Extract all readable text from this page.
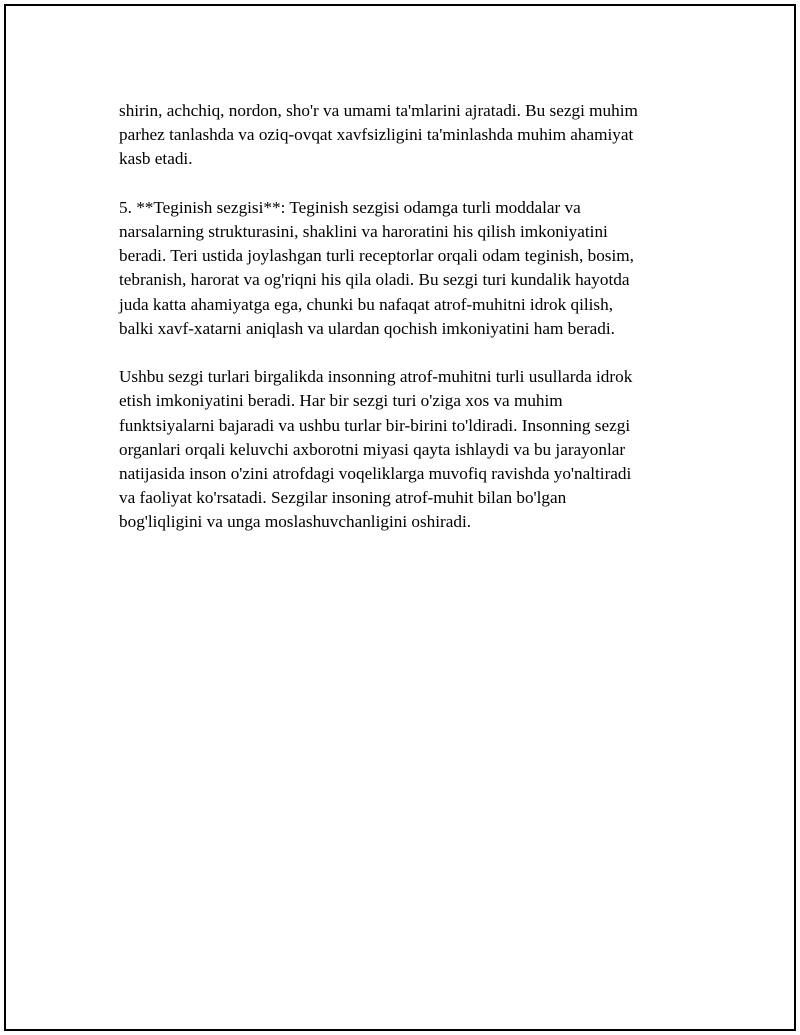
shirin, achchiq, nordon, sho'r va umami ta'mlarini ajratadi. Bu sezgi muhim
parhez tanlashda va oziq-ovqat xavfsizligini ta'minlashda muhim ahamiyat
kasb etadi.

5. **Teginish sezgisi**: Teginish sezgisi odamga turli moddalar va
narsalarning strukturasini, shaklini va haroratini his qilish imkoniyatini
beradi. Teri ustida joylashgan turli receptorlar orqali odam teginish, bosim,
tebranish, harorat va og'riqni his qila oladi. Bu sezgi turi kundalik hayotda
juda katta ahamiyatga ega, chunki bu nafaqat atrof-muhitni idrok qilish,
balki xavf-xatarni aniqlash va ulardan qochish imkoniyatini ham beradi.

Ushbu sezgi turlari birgalikda insonning atrof-muhitni turli usullarda idrok
etish imkoniyatini beradi. Har bir sezgi turi o'ziga xos va muhim
funktsiyalarni bajaradi va ushbu turlar bir-birini to'ldiradi. Insonning sezgi
organlari orqali keluvchi axborotni miyasi qayta ishlaydi va bu jarayonlar
natijasida inson o'zini atrofdagi voqeliklarga muvofiq ravishda yo'naltiradi
va faoliyat ko'rsatadi. Sezgilar insoning atrof-muhit bilan bo'lgan
bog'liqligini va unga moslashuvchanligini oshiradi.
